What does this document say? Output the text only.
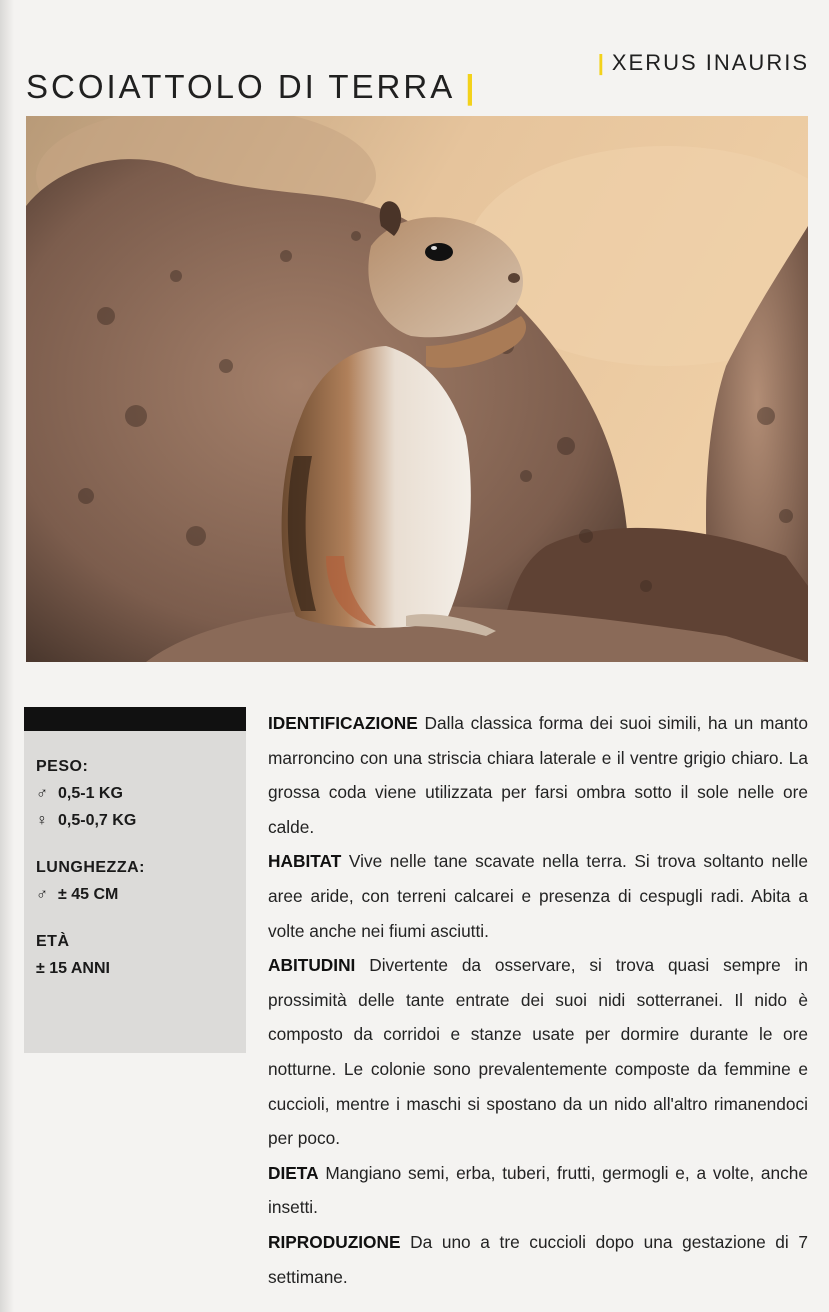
SCOIATTOLO DI TERRA |
| XERUS INAURIS
PESO:
♂ 0,5-1 KG
♀ 0,5-0,7 KG
LUNGHEZZA:
♂ ± 45 CM
ETÀ
± 15 ANNI

IDENTIFICAZIONE Dalla classica forma dei suoi simili, ha un manto marroncino con una striscia chiara laterale e il ventre grigio chiaro. La grossa coda viene utilizzata per farsi ombra sotto il sole nelle ore calde.

HABITAT Vive nelle tane scavate nella terra. Si trova soltanto nelle aree aride, con terreni calcarei e presenza di cespugli radi. Abita a volte anche nei fiumi asciutti.

ABITUDINI Divertente da osservare, si trova quasi sempre in prossimità delle tante entrate dei suoi nidi sotterranei. Il nido è composto da corridoi e stanze usate per dormire durante le ore notturne. Le colonie sono prevalentemente composte da femmine e cuccioli, mentre i maschi si spostano da un nido all'altro rimanendoci per poco.

DIETA Mangiano semi, erba, tuberi, frutti, germogli e, a volte, anche insetti.

RIPRODUZIONE Da uno a tre cuccioli dopo una gestazione di 7 settimane.
